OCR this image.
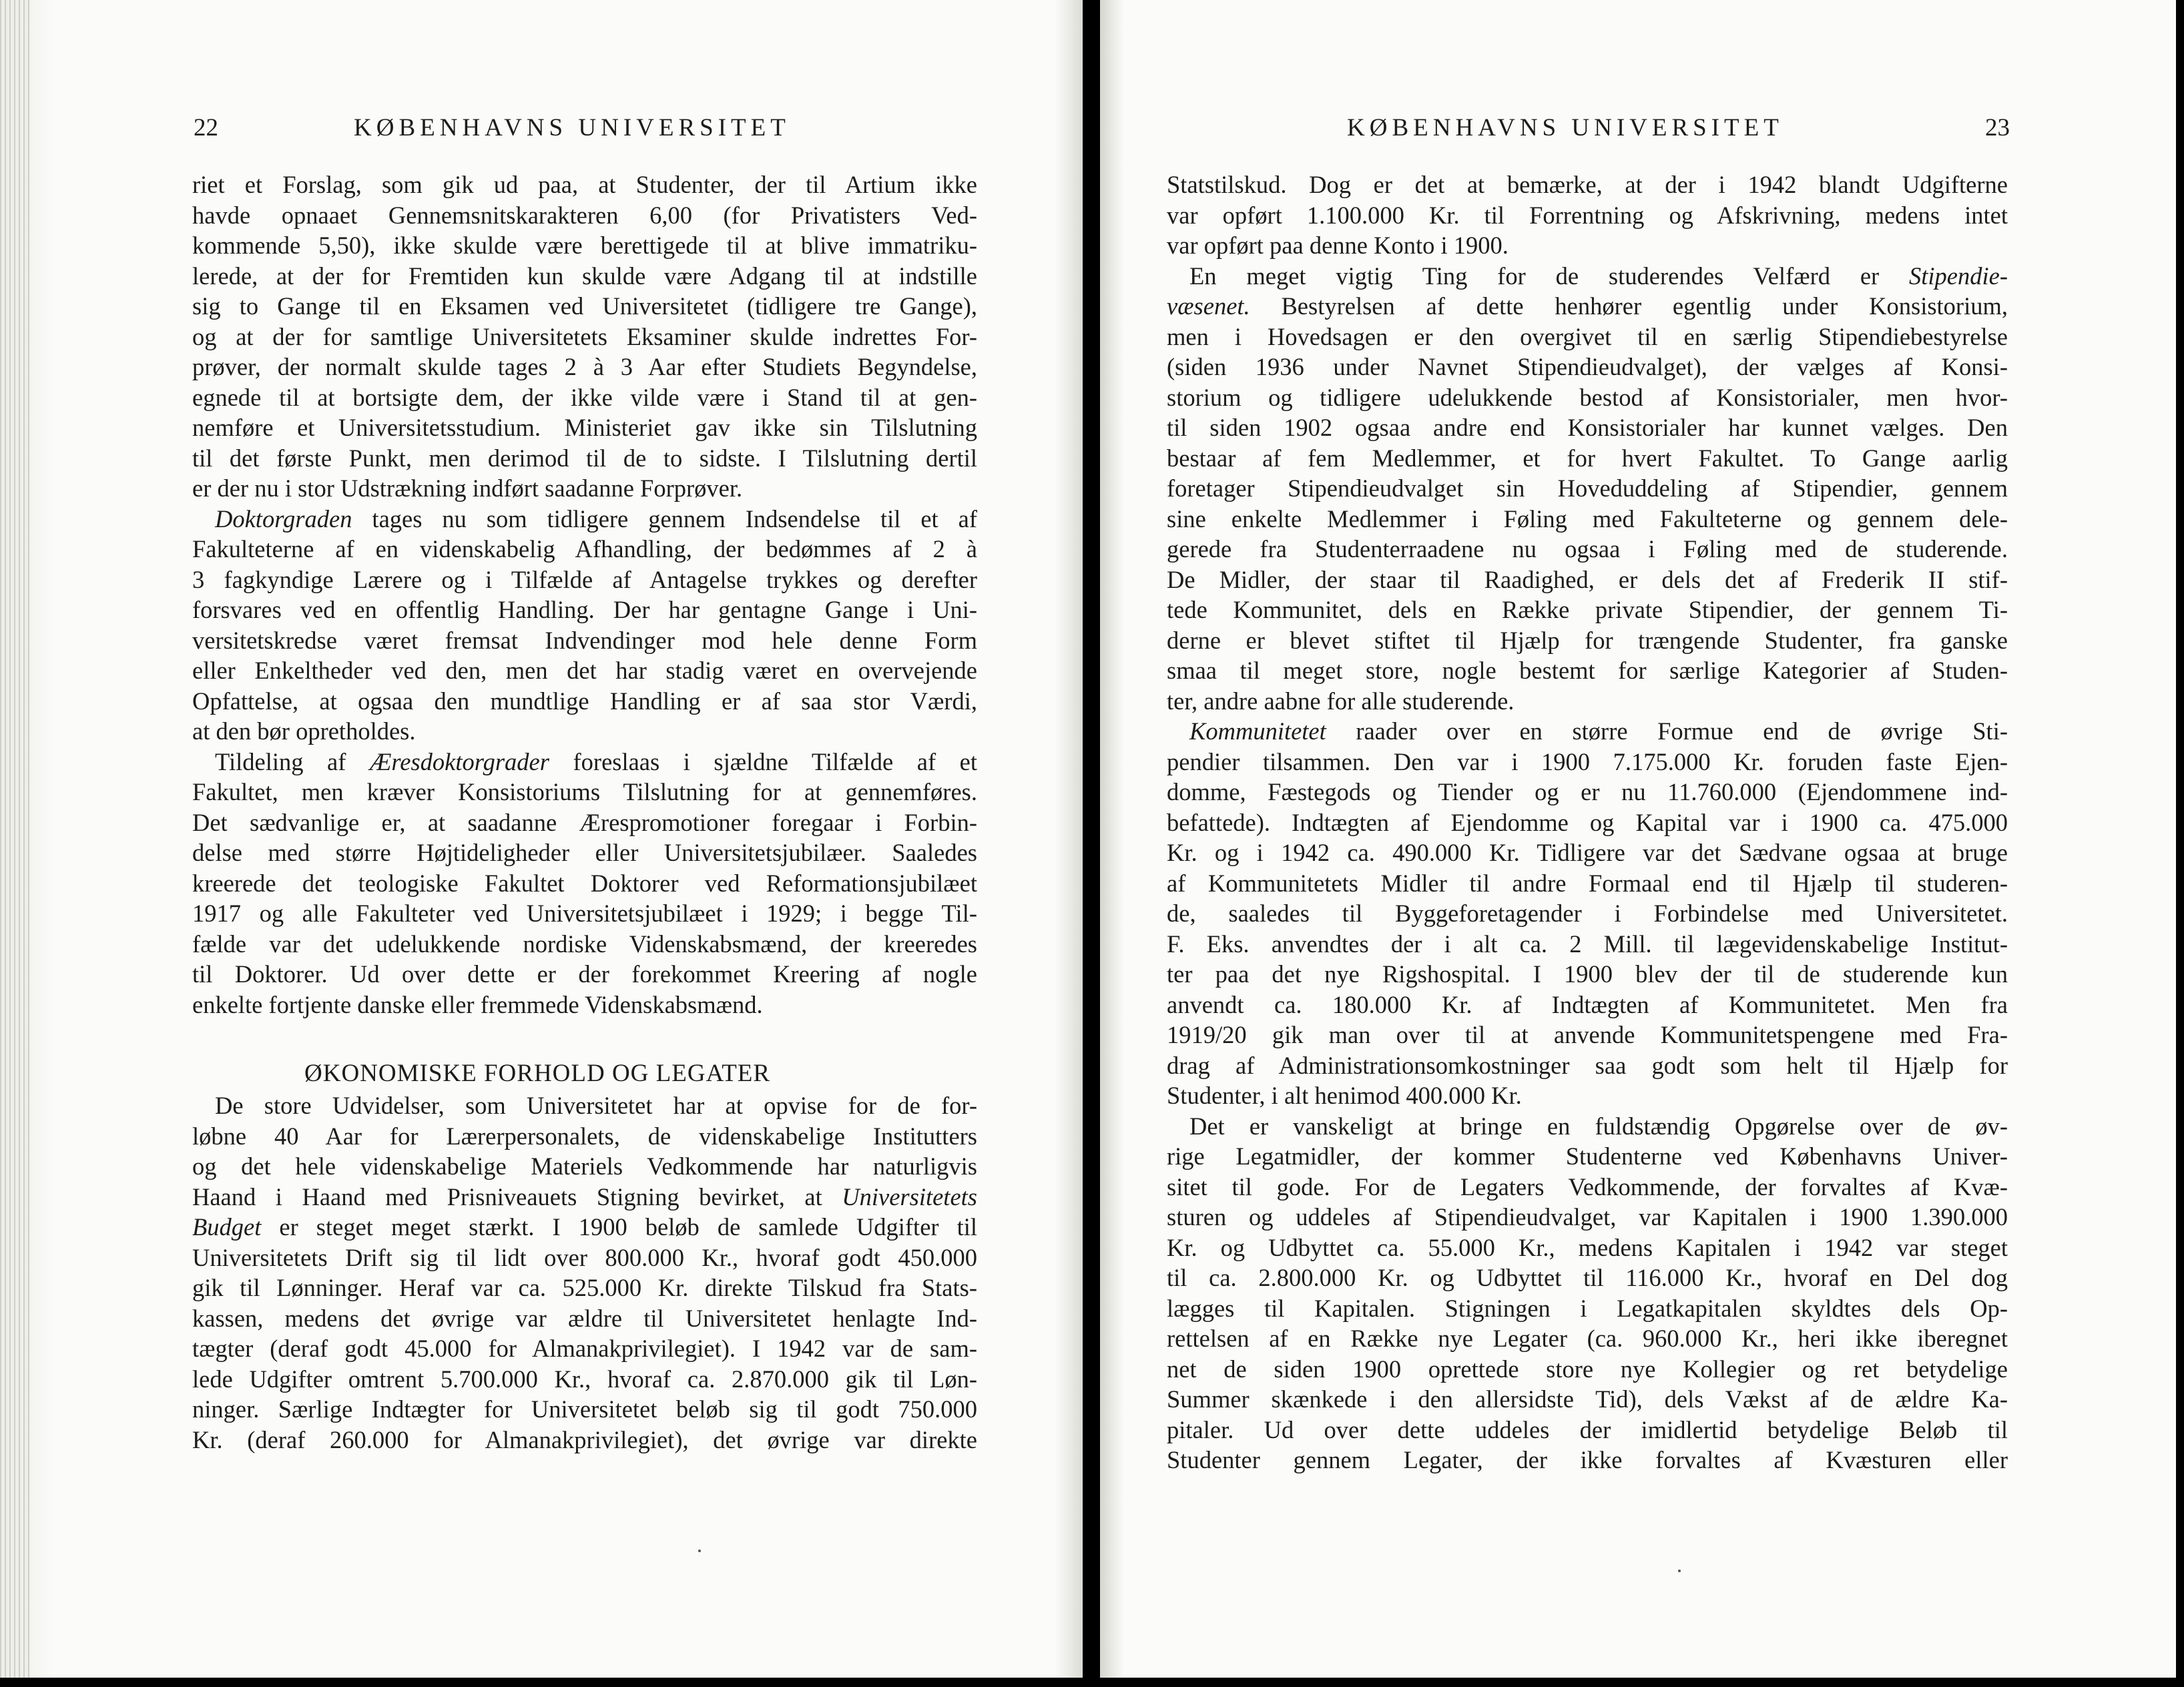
22	KØBENHAVNS UNIVERSITET
riet et Forslag, som gik ud paa, at Studenter, der til Artium ikke
havde opnaaet Gennemsnitskarakteren 6,00 (for Privatisters Ved-
kommende 5,50), ikke skulde være berettigede til at blive immatriku-
lerede, at der for Fremtiden kun skulde være Adgang til at indstille
sig to Gange til en Eksamen ved Universitetet (tidligere tre Gange),
og at der for samtlige Universitetets Eksaminer skulde indrettes For-
prøver, der normalt skulde tages 2 à 3 Aar efter Studiets Begyndelse,
egnede til at bortsigte dem, der ikke vilde være i Stand til at gen-
nemføre et Universitetsstudium. Ministeriet gav ikke sin Tilslutning
til det første Punkt, men derimod til de to sidste. I Tilslutning dertil
er der nu i stor Udstrækning indført saadanne Forprøver.
Doktorgraden tages nu som tidligere gennem Indsendelse til et af
Fakulteterne af en videnskabelig Afhandling, der bedømmes af 2 à
3 fagkyndige Lærere og i Tilfælde af Antagelse trykkes og derefter
forsvares ved en offentlig Handling. Der har gentagne Gange i Uni-
versitetskredse været fremsat Indvendinger mod hele denne Form
eller Enkeltheder ved den, men det har stadig været en overvejende
Opfattelse, at ogsaa den mundtlige Handling er af saa stor Værdi,
at den bør opretholdes.
Tildeling af Æresdoktorgrader foreslaas i sjældne Tilfælde af et
Fakultet, men kræver Konsistoriums Tilslutning for at gennemføres.
Det sædvanlige er, at saadanne Ærespromotioner foregaar i Forbin-
delse med større Højtideligheder eller Universitetsjubilæer. Saaledes
kreerede det teologiske Fakultet Doktorer ved Reformationsjubilæet
1917 og alle Fakulteter ved Universitetsjubilæet i 1929; i begge Til-
fælde var det udelukkende nordiske Videnskabsmænd, der kreeredes
til Doktorer. Ud over dette er der forekommet Kreering af nogle
enkelte fortjente danske eller fremmede Videnskabsmænd.
ØKONOMISKE FORHOLD OG LEGATER
De store Udvidelser, som Universitetet har at opvise for de for-
løbne 40 Aar for Lærerpersonalets, de videnskabelige Institutters
og det hele videnskabelige Materiels Vedkommende har naturligvis
Haand i Haand med Prisniveauets Stigning bevirket, at Universitetets
Budget er steget meget stærkt. I 1900 beløb de samlede Udgifter til
Universitetets Drift sig til lidt over 800.000 Kr., hvoraf godt 450.000
gik til Lønninger. Heraf var ca. 525.000 Kr. direkte Tilskud fra Stats-
kassen, medens det øvrige var ældre til Universitetet henlagte Ind-
tægter (deraf godt 45.000 for Almanakprivilegiet). I 1942 var de sam-
lede Udgifter omtrent 5.700.000 Kr., hvoraf ca. 2.870.000 gik til Løn-
ninger. Særlige Indtægter for Universitetet beløb sig til godt 750.000
Kr. (deraf 260.000 for Almanakprivilegiet), det øvrige var direkte
KØBENHAVNS UNIVERSITET	23
Statstilskud. Dog er det at bemærke, at der i 1942 blandt Udgifterne
var opført 1.100.000 Kr. til Forrentning og Afskrivning, medens intet
var opført paa denne Konto i 1900.
En meget vigtig Ting for de studerendes Velfærd er Stipendie-
væsenet. Bestyrelsen af dette henhører egentlig under Konsistorium,
men i Hovedsagen er den overgivet til en særlig Stipendiebestyrelse
(siden 1936 under Navnet Stipendieudvalget), der vælges af Konsi-
storium og tidligere udelukkende bestod af Konsistorialer, men hvor-
til siden 1902 ogsaa andre end Konsistorialer har kunnet vælges. Den
bestaar af fem Medlemmer, et for hvert Fakultet. To Gange aarlig
foretager Stipendieudvalget sin Hoveduddeling af Stipendier, gennem
sine enkelte Medlemmer i Føling med Fakulteterne og gennem dele-
gerede fra Studenterraadene nu ogsaa i Føling med de studerende.
De Midler, der staar til Raadighed, er dels det af Frederik II stif-
tede Kommunitet, dels en Række private Stipendier, der gennem Ti-
derne er blevet stiftet til Hjælp for trængende Studenter, fra ganske
smaa til meget store, nogle bestemt for særlige Kategorier af Studen-
ter, andre aabne for alle studerende.
Kommunitetet raader over en større Formue end de øvrige Sti-
pendier tilsammen. Den var i 1900 7.175.000 Kr. foruden faste Ejen-
domme, Fæstegods og Tiender og er nu 11.760.000 (Ejendommene ind-
befattede). Indtægten af Ejendomme og Kapital var i 1900 ca. 475.000
Kr. og i 1942 ca. 490.000 Kr. Tidligere var det Sædvane ogsaa at bruge
af Kommunitetets Midler til andre Formaal end til Hjælp til studeren-
de, saaledes til Byggeforetagender i Forbindelse med Universitetet.
F. Eks. anvendtes der i alt ca. 2 Mill. til lægevidenskabelige Institut-
ter paa det nye Rigshospital. I 1900 blev der til de studerende kun
anvendt ca. 180.000 Kr. af Indtægten af Kommunitetet. Men fra
1919/20 gik man over til at anvende Kommunitetspengene med Fra-
drag af Administrationsomkostninger saa godt som helt til Hjælp for
Studenter, i alt henimod 400.000 Kr.
Det er vanskeligt at bringe en fuldstændig Opgørelse over de øv-
rige Legatmidler, der kommer Studenterne ved Københavns Univer-
sitet til gode. For de Legaters Vedkommende, der forvaltes af Kvæ-
sturen og uddeles af Stipendieudvalget, var Kapitalen i 1900 1.390.000
Kr. og Udbyttet ca. 55.000 Kr., medens Kapitalen i 1942 var steget
til ca. 2.800.000 Kr. og Udbyttet til 116.000 Kr., hvoraf en Del dog
lægges til Kapitalen. Stigningen i Legatkapitalen skyldtes dels Op-
rettelsen af en Række nye Legater (ca. 960.000 Kr., heri ikke iberegnet
net de siden 1900 oprettede store nye Kollegier og ret betydelige
Summer skænkede i den allersidste Tid), dels Vækst af de ældre Ka-
pitaler. Ud over dette uddeles der imidlertid betydelige Beløb til
Studenter gennem Legater, der ikke forvaltes af Kvæsturen eller
